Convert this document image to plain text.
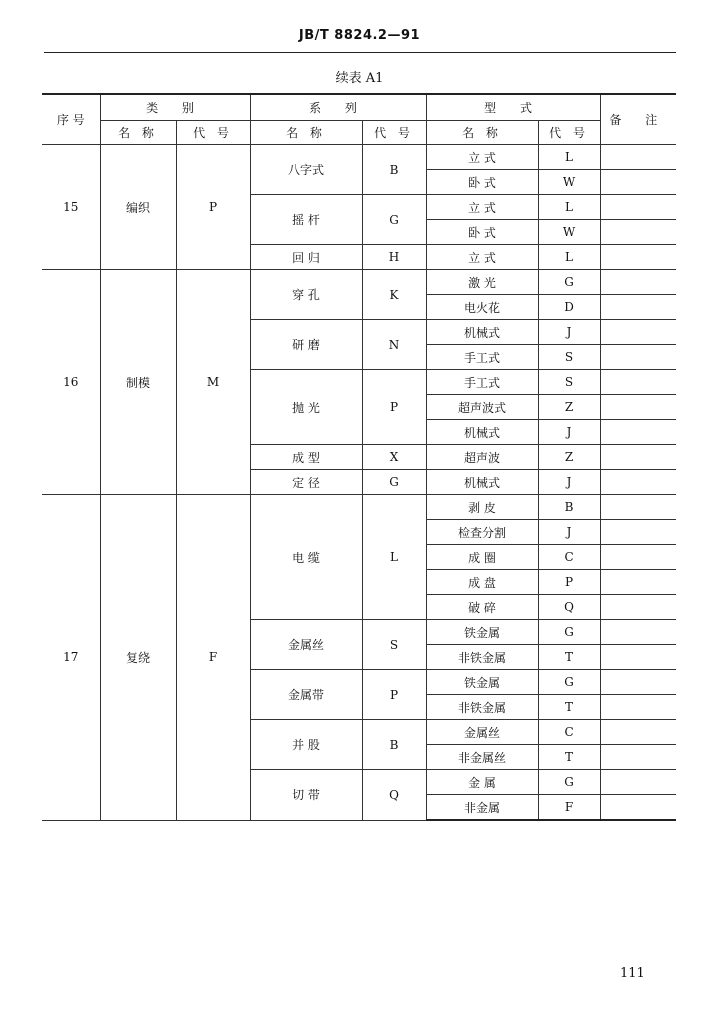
JB/T 8824.2—91
续表 A1
序 号	类 别		系 列		型 式		备 注
	名 称	代 号	名 称	代 号	名 称	代 号	
15	编织	P	八字式	B	立 式	L	
					卧 式	W	
			摇 杆	G	立 式	L	
					卧 式	W	
			回 归	H	立 式	L	
16	制模	M	穿 孔	K	激 光	G	
					电火花	D	
			研 磨	N	机械式	J	
					手工式	S	
			抛 光	P	手工式	S	
					超声波式	Z	
					机械式	J	
			成 型	X	超声波	Z	
			定 径	G	机械式	J	
17	复绕	F	电 缆	L	剥 皮	B	
					检查分割	J	
					成 圈	C	
					成 盘	P	
					破 碎	Q	
			金属丝	S	铁金属	G	
					非铁金属	T	
			金属带	P	铁金属	G	
					非铁金属	T	
			并 股	B	金属丝	C	
					非金属丝	T	
			切 带	Q	金 属	G	
					非金属	F	
111
